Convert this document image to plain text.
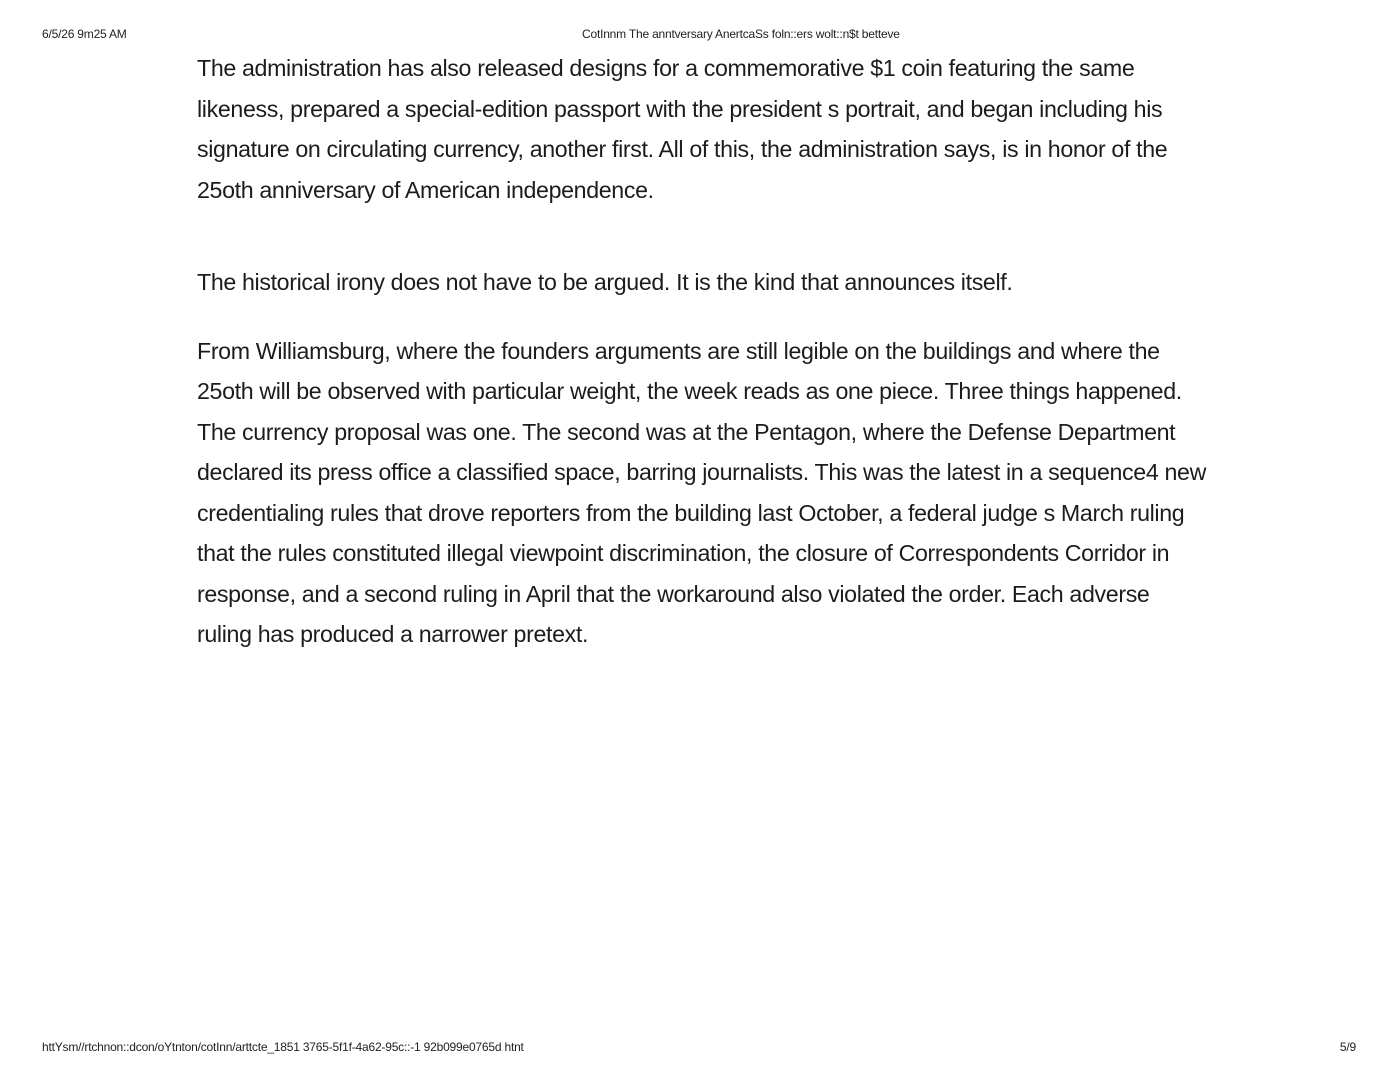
6/5/26 9m25 AM	CotInnm The anntversary AnertcaSs foln::ers wolt::n$t betteve

The administration has also released designs for a commemorative $1 coin featuring the same likeness, prepared a special-edition passport with the president s portrait, and began including his signature on circulating currency, another first. All of this, the administration says, is in honor of the 25oth anniversary of American independence.

The historical irony does not have to be argued. It is the kind that announces itself.

From Williamsburg, where the founders arguments are still legible on the buildings and where the 25oth will be observed with particular weight, the week reads as one piece. Three things happened. The currency proposal was one. The second was at the Pentagon, where the Defense Department declared its press office a classified space, barring journalists. This was the latest in a sequence4 new credentialing rules that drove reporters from the building last October, a federal judge s March ruling that the rules constituted illegal viewpoint discrimination, the closure of Correspondents Corridor in response, and a second ruling in April that the workaround also violated the order. Each adverse ruling has produced a narrower pretext.

httYsm//rtchnon::dcon/oYtnton/cotInn/arttcte_1851 3765-5f1f-4a62-95c::-1 92b099e0765d htnt	5/9
